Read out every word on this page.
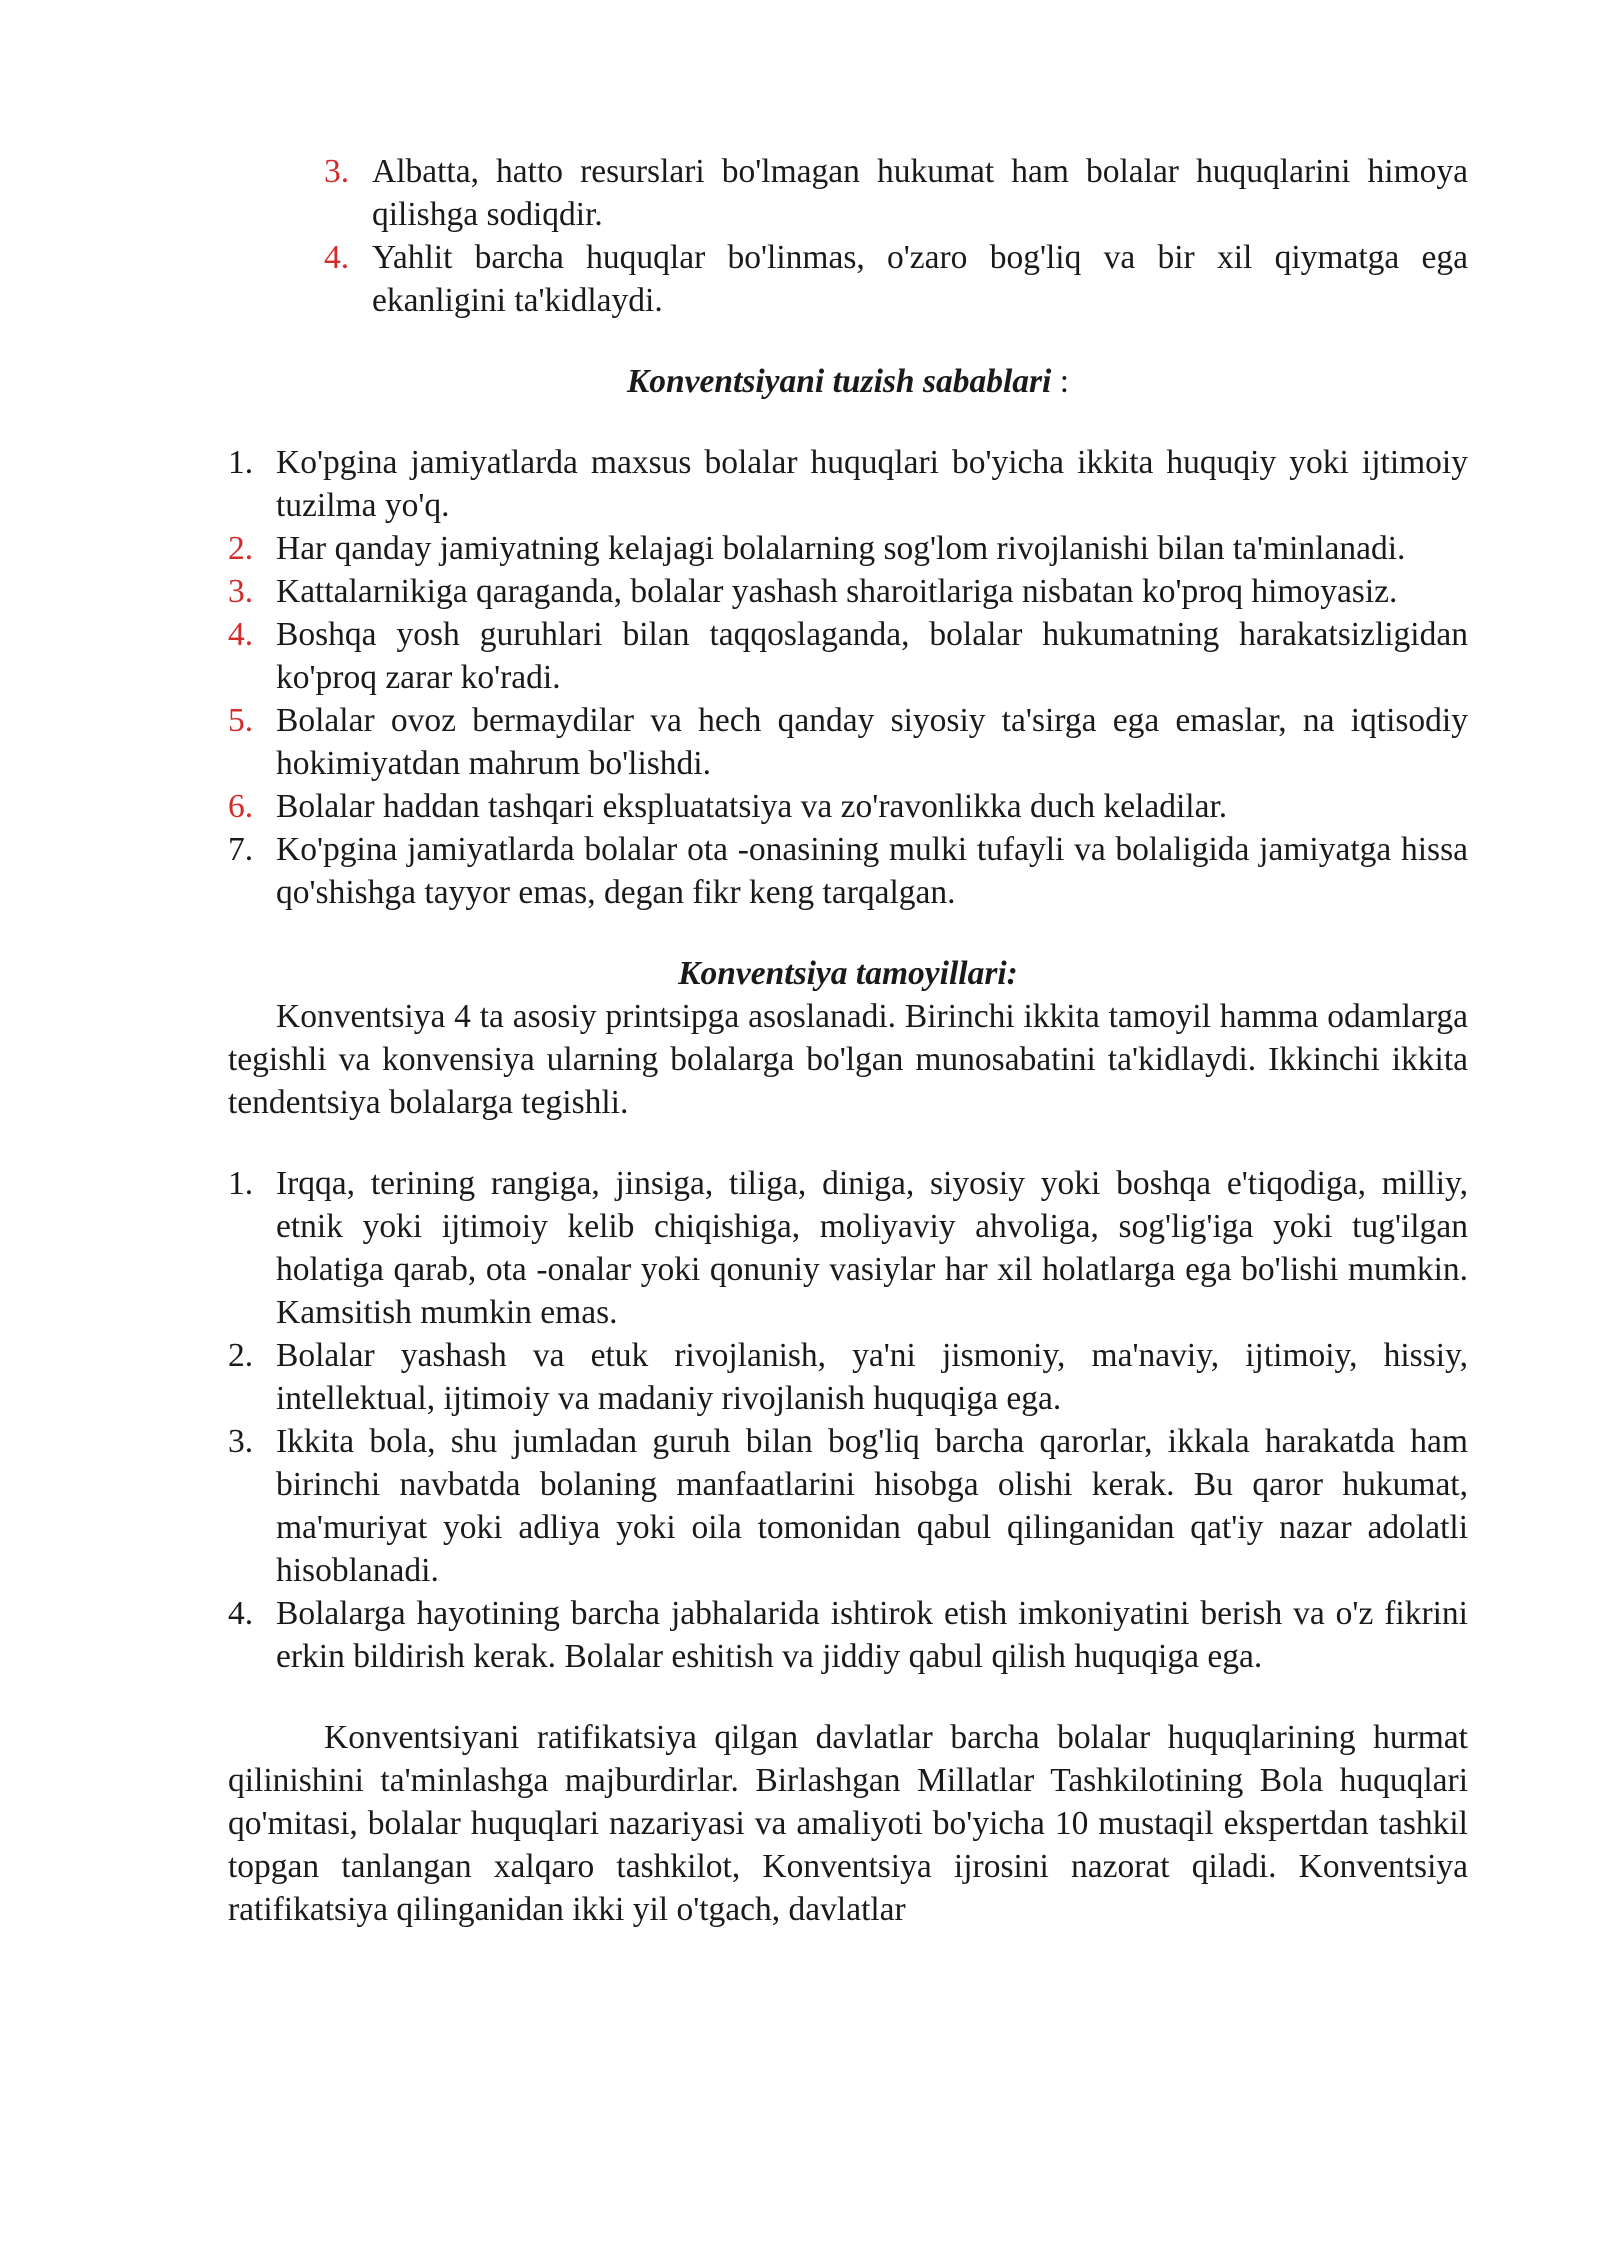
3. Albatta, hatto resurslari bo'lmagan hukumat ham bolalar huquqlarini himoya qilishga sodiqdir.
4. Yahlit barcha huquqlar bo'linmas, o'zaro bog'liq va bir xil qiymatga ega ekanligini ta'kidlaydi.

Konventsiyani tuzish sabablari :

1. Ko'pgina jamiyatlarda maxsus bolalar huquqlari bo'yicha ikkita huquqiy yoki ijtimoiy tuzilma yo'q.
2. Har qanday jamiyatning kelajagi bolalarning sog'lom rivojlanishi bilan ta'minlanadi.
3. Kattalarnikiga qaraganda, bolalar yashash sharoitlariga nisbatan ko'proq himoyasiz.
4. Boshqa yosh guruhlari bilan taqqoslaganda, bolalar hukumatning harakatsizligidan ko'proq zarar ko'radi.
5. Bolalar ovoz bermaydilar va hech qanday siyosiy ta'sirga ega emaslar, na iqtisodiy hokimiyatdan mahrum bo'lishdi.
6. Bolalar haddan tashqari ekspluatatsiya va zo'ravonlikka duch keladilar.
7. Ko'pgina jamiyatlarda bolalar ota -onasining mulki tufayli va bolaligida jamiyatga hissa qo'shishga tayyor emas, degan fikr keng tarqalgan.

Konventsiya tamoyillari:

Konventsiya 4 ta asosiy printsipga asoslanadi. Birinchi ikkita tamoyil hamma odamlarga tegishli va konvensiya ularning bolalarga bo'lgan munosabatini ta'kidlaydi. Ikkinchi ikkita tendentsiya bolalarga tegishli.

1. Irqqa, terining rangiga, jinsiga, tiliga, diniga, siyosiy yoki boshqa e'tiqodiga, milliy, etnik yoki ijtimoiy kelib chiqishiga, moliyaviy ahvoliga, sog'lig'iga yoki tug'ilgan holatiga qarab, ota -onalar yoki qonuniy vasiylar har xil holatlarga ega bo'lishi mumkin. Kamsitish mumkin emas.
2. Bolalar yashash va etuk rivojlanish, ya'ni jismoniy, ma'naviy, ijtimoiy, hissiy, intellektual, ijtimoiy va madaniy rivojlanish huquqiga ega.
3. Ikkita bola, shu jumladan guruh bilan bog'liq barcha qarorlar, ikkala harakatda ham birinchi navbatda bolaning manfaatlarini hisobga olishi kerak. Bu qaror hukumat, ma'muriyat yoki adliya yoki oila tomonidan qabul qilinganidan qat'iy nazar adolatli hisoblanadi.
4. Bolalarga hayotining barcha jabhalarida ishtirok etish imkoniyatini berish va o'z fikrini erkin bildirish kerak. Bolalar eshitish va jiddiy qabul qilish huquqiga ega.

Konventsiyani ratifikatsiya qilgan davlatlar barcha bolalar huquqlarining hurmat qilinishini ta'minlashga majburdirlar. Birlashgan Millatlar Tashkilotining Bola huquqlari qo'mitasi, bolalar huquqlari nazariyasi va amaliyoti bo'yicha 10 mustaqil ekspertdan tashkil topgan tanlangan xalqaro tashkilot, Konventsiya ijrosini nazorat qiladi. Konventsiya ratifikatsiya qilinganidan ikki yil o'tgach, davlatlar
